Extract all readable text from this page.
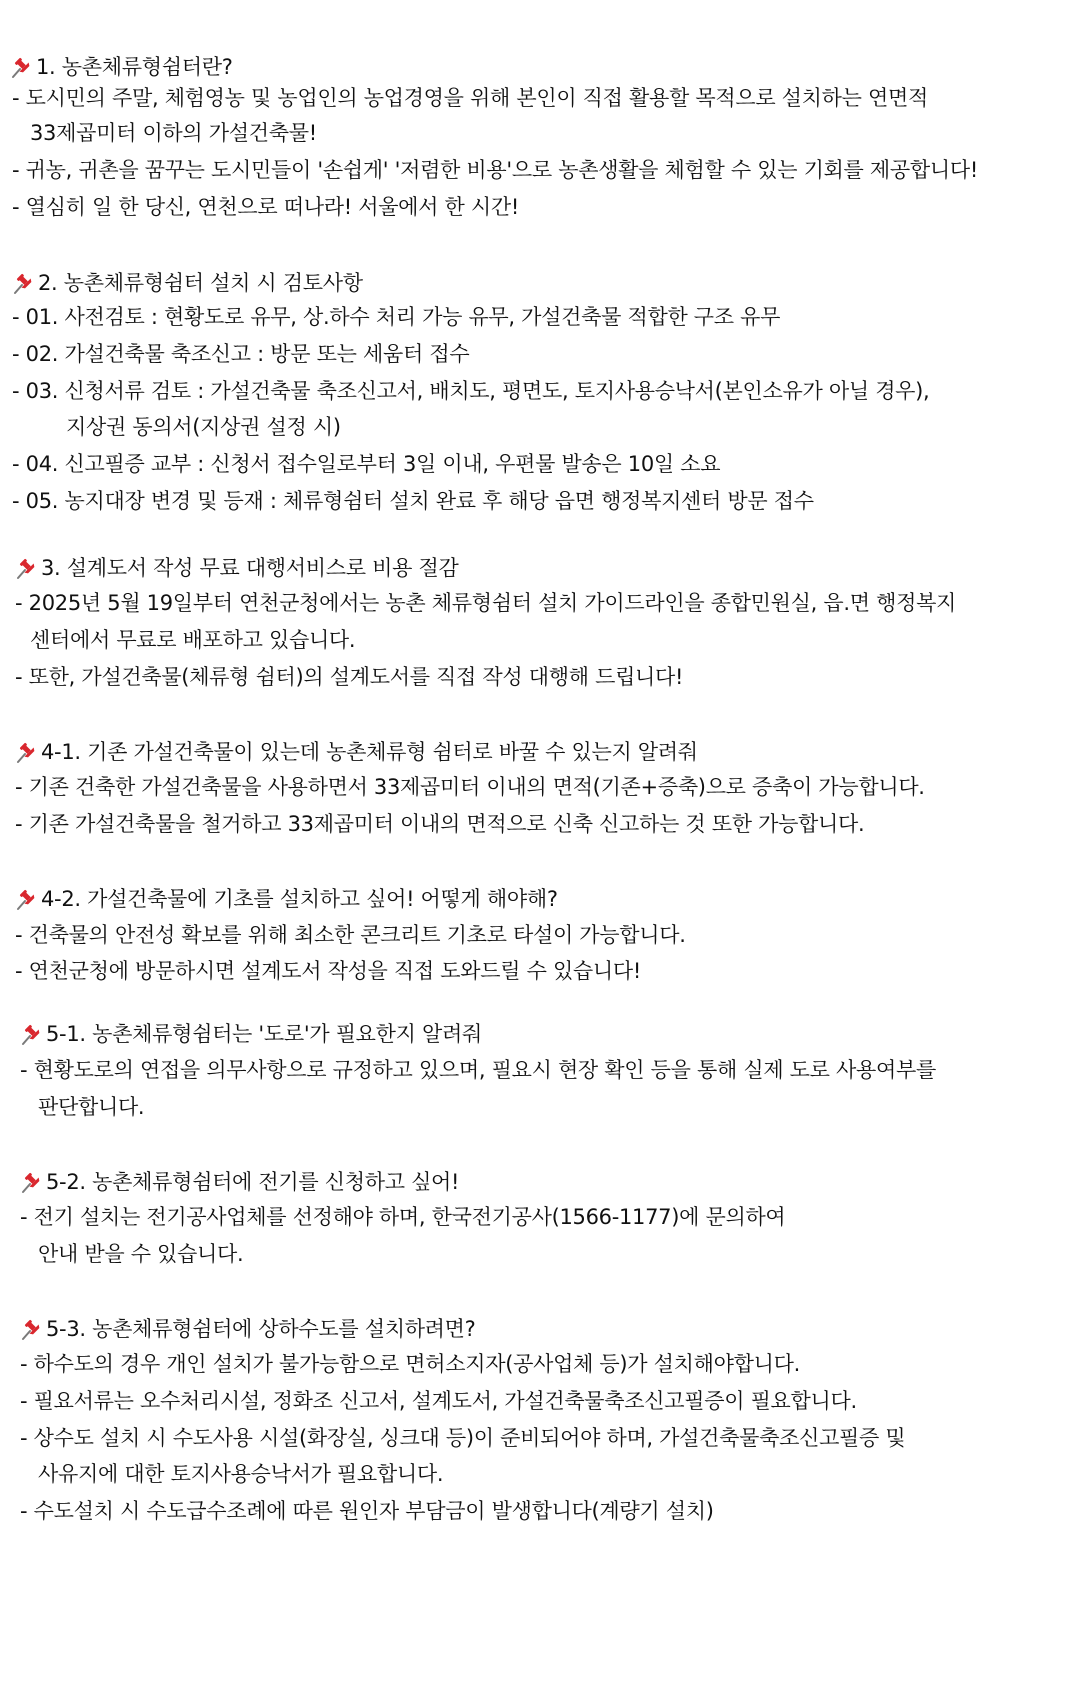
1. 농촌체류형쉼터란?
- 도시민의 주말, 체험영농 및 농업인의 농업경영을 위해 본인이 직접 활용할 목적으로 설치하는 연면적
33제곱미터 이하의 가설건축물!
- 귀농, 귀촌을 꿈꾸는 도시민들이 '손쉽게' '저렴한 비용'으로 농촌생활을 체험할 수 있는 기회를 제공합니다!
- 열심히 일 한 당신, 연천으로 떠나라! 서울에서 한 시간!
2. 농촌체류형쉼터 설치 시 검토사항
- 01. 사전검토 : 현황도로 유무, 상.하수 처리 가능 유무, 가설건축물 적합한 구조 유무
- 02. 가설건축물 축조신고 : 방문 또는 세움터 접수
- 03. 신청서류 검토 : 가설건축물 축조신고서, 배치도, 평면도, 토지사용승낙서(본인소유가 아닐 경우),
지상권 동의서(지상권 설정 시)
- 04. 신고필증 교부 : 신청서 접수일로부터 3일 이내, 우편물 발송은 10일 소요
- 05. 농지대장 변경 및 등재 : 체류형쉼터 설치 완료 후 해당 읍면 행정복지센터 방문 접수
3. 설계도서 작성 무료 대행서비스로 비용 절감
- 2025년 5월 19일부터 연천군청에서는 농촌 체류형쉼터 설치 가이드라인을 종합민원실, 읍.면 행정복지
센터에서 무료로 배포하고 있습니다.
- 또한, 가설건축물(체류형 쉼터)의 설계도서를 직접 작성 대행해 드립니다!
4-1. 기존 가설건축물이 있는데 농촌체류형 쉼터로 바꿀 수 있는지 알려줘
- 기존 건축한 가설건축물을 사용하면서 33제곱미터 이내의 면적(기존+증축)으로 증축이 가능합니다.
- 기존 가설건축물을 철거하고 33제곱미터 이내의 면적으로 신축 신고하는 것 또한 가능합니다.
4-2. 가설건축물에 기초를 설치하고 싶어! 어떻게 해야해?
- 건축물의 안전성 확보를 위해 최소한 콘크리트 기초로 타설이 가능합니다.
- 연천군청에 방문하시면 설계도서 작성을 직접 도와드릴 수 있습니다!
5-1. 농촌체류형쉼터는 '도로'가 필요한지 알려줘
- 현황도로의 연접을 의무사항으로 규정하고 있으며, 필요시 현장 확인 등을 통해 실제 도로 사용여부를
판단합니다.
5-2. 농촌체류형쉼터에 전기를 신청하고 싶어!
- 전기 설치는 전기공사업체를 선정해야 하며, 한국전기공사(1566-1177)에 문의하여
안내 받을 수 있습니다.
5-3. 농촌체류형쉼터에 상하수도를 설치하려면?
- 하수도의 경우 개인 설치가 불가능함으로 면허소지자(공사업체 등)가 설치해야합니다.
- 필요서류는 오수처리시설, 정화조 신고서, 설계도서, 가설건축물축조신고필증이 필요합니다.
- 상수도 설치 시 수도사용 시설(화장실, 싱크대 등)이 준비되어야 하며, 가설건축물축조신고필증 및
사유지에 대한 토지사용승낙서가 필요합니다.
- 수도설치 시 수도급수조례에 따른 원인자 부담금이 발생합니다(계량기 설치)
